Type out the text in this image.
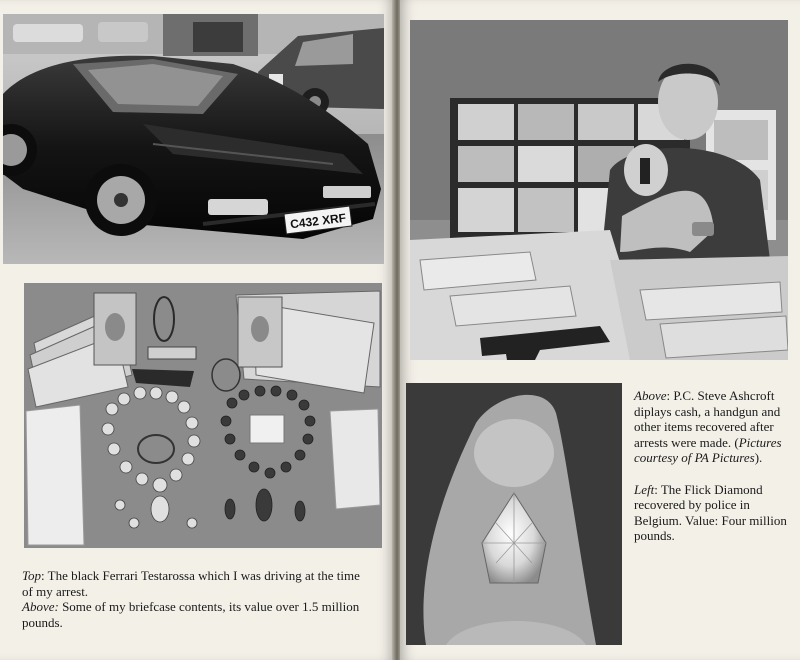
C432 XRF

Top: The black Ferrari Testarossa which I was driving at the time of my arrest.

Above: Some of my briefcase contents, its value over 1.5 million pounds.

Above: P.C. Steve Ashcroft diplays cash, a handgun and other items recovered after arrests were made. (Pictures courtesy of PA Pictures).

Left: The Flick Diamond recovered by police in Belgium. Value: Four million pounds.
